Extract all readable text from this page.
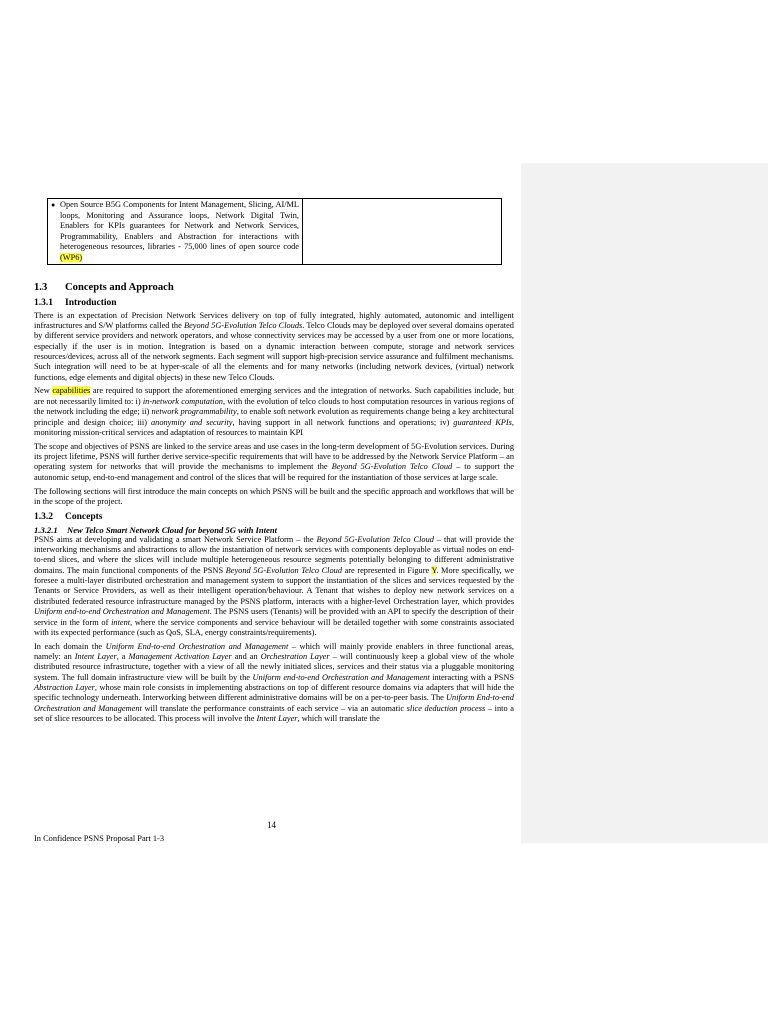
● Open Source B5G Components for Intent Management, Slicing, AI/ML loops, Monitoring and Assurance loops, Network Digital Twin, Enablers for KPIs guarantees for Network and Network Services, Programmability, Enablers and Abstraction for interactions with heterogeneous resources, libraries - 75,000 lines of open source code (WP6)

1.3 Concepts and Approach
1.3.1 Introduction

There is an expectation of Precision Network Services delivery on top of fully integrated, highly automated, autonomic and intelligent infrastructures and S/W platforms called the Beyond 5G-Evolution Telco Clouds. Telco Clouds may be deployed over several domains operated by different service providers and network operators, and whose connectivity services may be accessed by a user from one or more locations, especially if the user is in motion. Integration is based on a dynamic interaction between compute, storage and network services resources/devices, across all of the network segments. Each segment will support high-precision service assurance and fulfilment mechanisms. Such integration will need to be at hyper-scale of all the elements and for many networks (including network devices, (virtual) network functions, edge elements and digital objects) in these new Telco Clouds.

New capabilities are required to support the aforementioned emerging services and the integration of networks. Such capabilities include, but are not necessarily limited to: i) in-network computation, with the evolution of telco clouds to host computation resources in various regions of the network including the edge; ii) network programmability, to enable soft network evolution as requirements change being a key architectural principle and design choice; iii) anonymity and security, having support in all network functions and operations; iv) guaranteed KPIs, monitoring mission-critical services and adaptation of resources to maintain KPI

The scope and objectives of PSNS are linked to the service areas and use cases in the long-term development of 5G-Evolution services. During its project lifetime, PSNS will further derive service-specific requirements that will have to be addressed by the Network Service Platform – an operating system for networks that will provide the mechanisms to implement the Beyond 5G-Evolution Telco Cloud – to support the autonomic setup, end-to-end management and control of the slices that will be required for the instantiation of those services at large scale.

The following sections will first introduce the main concepts on which PSNS will be built and the specific approach and workflows that will be in the scope of the project.

1.3.2 Concepts
1.3.2.1 New Telco Smart Network Cloud for beyond 5G with Intent

PSNS aims at developing and validating a smart Network Service Platform – the Beyond 5G-Evolution Telco Cloud – that will provide the interworking mechanisms and abstractions to allow the instantiation of network services with components deployable as virtual nodes on end-to-end slices, and where the slices will include multiple heterogeneous resource segments potentially belonging to different administrative domains. The main functional components of the PSNS Beyond 5G-Evolution Telco Cloud are represented in Figure Y. More specifically, we foresee a multi-layer distributed orchestration and management system to support the instantiation of the slices and services requested by the Tenants or Service Providers, as well as their intelligent operation/behaviour. A Tenant that wishes to deploy new network services on a distributed federated resource infrastructure managed by the PSNS platform, interacts with a higher-level Orchestration layer, which provides Uniform end-to-end Orchestration and Management. The PSNS users (Tenants) will be provided with an API to specify the description of their service in the form of intent, where the service components and service behaviour will be detailed together with some constraints associated with its expected performance (such as QoS, SLA, energy constraints/requirements).

In each domain the Uniform End-to-end Orchestration and Management – which will mainly provide enablers in three functional areas, namely: an Intent Layer, a Management Activation Layer and an Orchestration Layer – will continuously keep a global view of the whole distributed resource infrastructure, together with a view of all the newly initiated slices, services and their status via a pluggable monitoring system. The full domain infrastructure view will be built by the Uniform end-to-end Orchestration and Management interacting with a PSNS Abstraction Layer, whose main role consists in implementing abstractions on top of different resource domains via adapters that will hide the specific technology underneath. Interworking between different administrative domains will be on a per-to-peer basis. The Uniform End-to-end Orchestration and Management will translate the performance constraints of each service – via an automatic slice deduction process – into a set of slice resources to be allocated. This process will involve the Intent Layer, which will translate the

14
In Confidence PSNS Proposal Part 1-3
